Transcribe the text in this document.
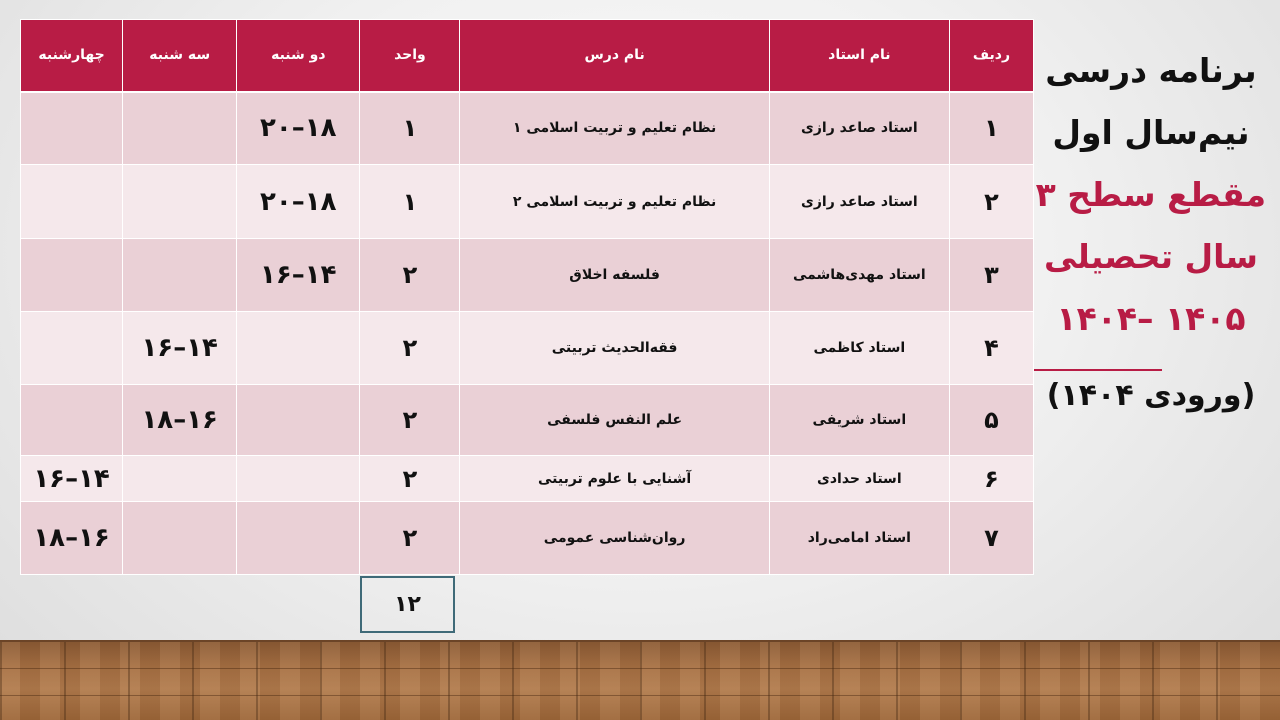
ردیف	نام استاد	نام درس	واحد	دو شنبه	سه شنبه	چهارشنبه
۱	استاد صاعد رازی	نظام تعلیم و تربیت اسلامی ۱	۱	۱۸–۲۰		
۲	استاد صاعد رازی	نظام تعلیم و تربیت اسلامی ۲	۱	۱۸–۲۰		
۳	استاد مهدی‌هاشمی	فلسفه اخلاق	۲	۱۴–۱۶		
۴	استاد کاظمی	فقه‌الحدیث تربیتی	۲		۱۴–۱۶	
۵	استاد شریفی	علم النفس فلسفی	۲		۱۶–۱۸	
۶	استاد حدادی	آشنایی با علوم تربیتی	۲			۱۴–۱۶
۷	استاد امامی‌راد	روان‌شناسی عمومی	۲			۱۶–۱۸
۱۲
برنامه درسی
نیم‌سال اول
مقطع سطح ۳
سال تحصیلی
۱۴۰۵ –۱۴۰۴
(ورودی ۱۴۰۴)
